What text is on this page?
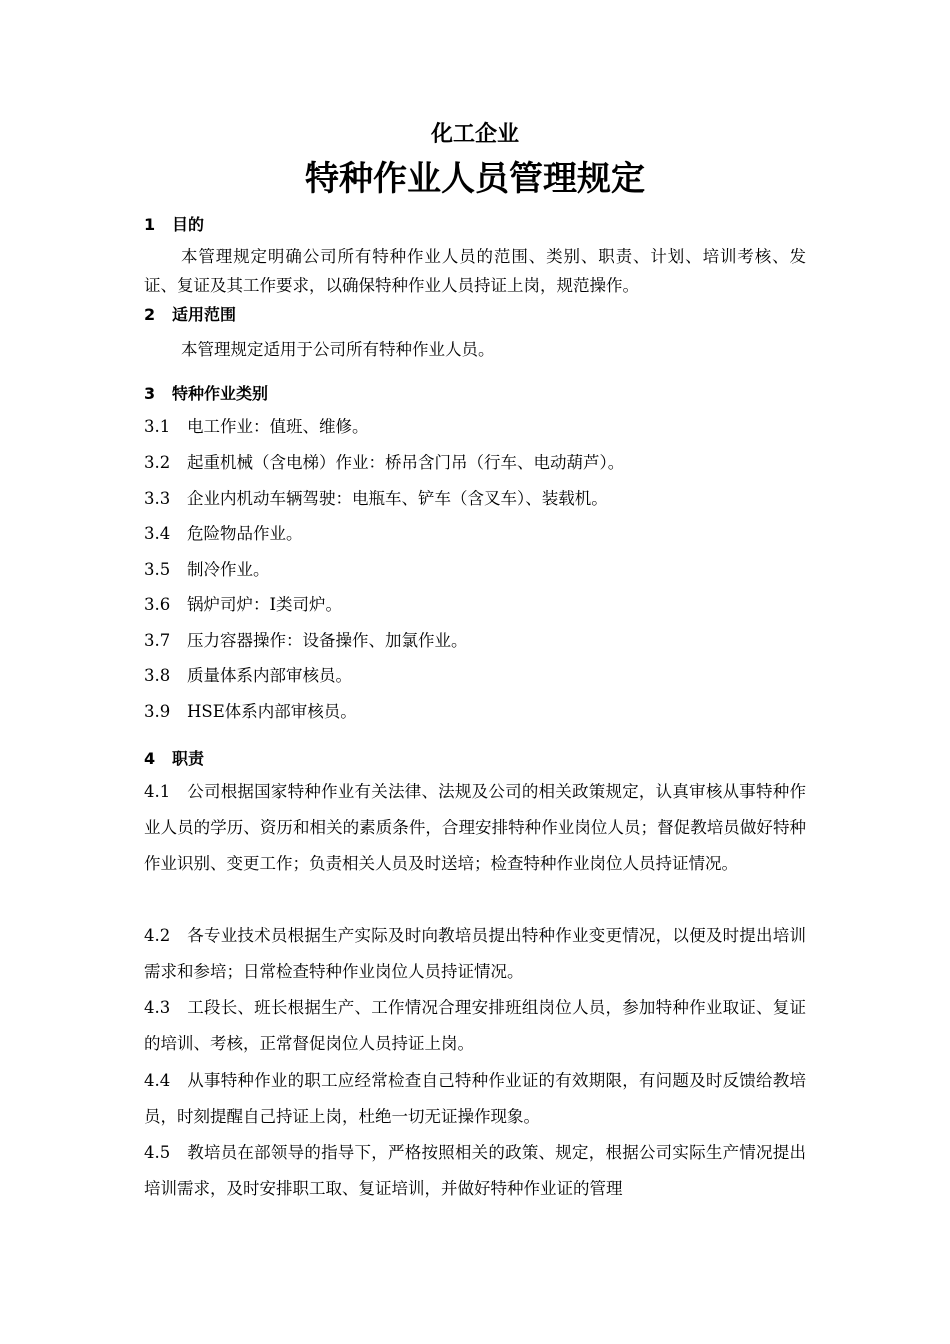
化工企业
特种作业人员管理规定
1 目的

本管理规定明确公司所有特种作业人员的范围、类别、职责、计划、培训考核、发证、复证及其工作要求，以确保特种作业人员持证上岗，规范操作。

2 适用范围

本管理规定适用于公司所有特种作业人员。

3 特种作业类别
3.1 电工作业：值班、维修。
3.2 起重机械（含电梯）作业：桥吊含门吊（行车、电动葫芦）。
3.3 企业内机动车辆驾驶：电瓶车、铲车（含叉车）、装载机。
3.4 危险物品作业。
3.5 制冷作业。
3.6 锅炉司炉：Ⅰ类司炉。
3.7 压力容器操作：设备操作、加氯作业。
3.8 质量体系内部审核员。
3.9 HSE体系内部审核员。
4 职责
4.1 公司根据国家特种作业有关法律、法规及公司的相关政策规定，认真审核从事特种作业人员的学历、资历和相关的素质条件，合理安排特种作业岗位人员；督促教培员做好特种作业识别、变更工作；负责相关人员及时送培；检查特种作业岗位人员持证情况。
4.2 各专业技术员根据生产实际及时向教培员提出特种作业变更情况，以便及时提出培训需求和参培；日常检查特种作业岗位人员持证情况。
4.3 工段长、班长根据生产、工作情况合理安排班组岗位人员，参加特种作业取证、复证的培训、考核，正常督促岗位人员持证上岗。
4.4 从事特种作业的职工应经常检查自己特种作业证的有效期限，有问题及时反馈给教培员，时刻提醒自己持证上岗，杜绝一切无证操作现象。
4.5 教培员在部领导的指导下，严格按照相关的政策、规定，根据公司实际生产情况提出培训需求，及时安排职工取、复证培训，并做好特种作业证的管理
